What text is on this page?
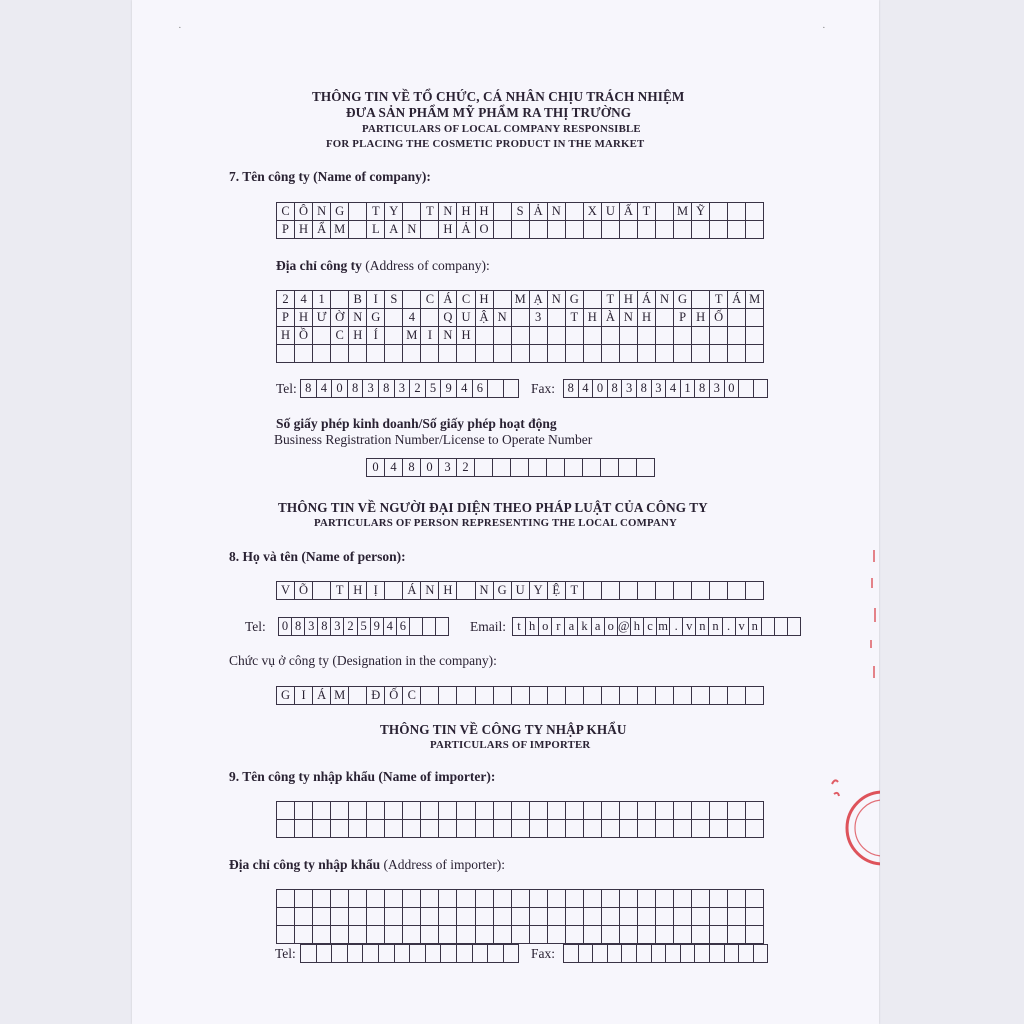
·	·
THÔNG TIN VỀ TỔ CHỨC, CÁ NHÂN CHỊU TRÁCH NHIỆM
ĐƯA SẢN PHẨM MỸ PHẨM RA THỊ TRƯỜNG
PARTICULARS OF LOCAL COMPANY RESPONSIBLE
FOR PLACING THE COSMETIC PRODUCT IN THE MARKET
7. Tên công ty (Name of company):
C Ô N G	T Y	T N H H	S Ả N	X U Ấ T	M Ỹ
P H Ẩ M	L A N	H Ả O
Địa chỉ công ty (Address of company):
2 4 1	B I S	C Á C H	M Ạ N G	T H Á N G	T Á M
P H Ư Ờ N G	4	Q U Ậ N	3	T H À N H	P H Ố
H Ồ	C H Í	M I N H
Tel: 8 4 0 8 3 8 3 2 5 9 4 6	Fax: 8 4 0 8 3 8 3 4 1 8 3 0
Số giấy phép kinh doanh/Số giấy phép hoạt động
Business Registration Number/License to Operate Number
0 4 8 0 3 2
THÔNG TIN VỀ NGƯỜI ĐẠI DIỆN THEO PHÁP LUẬT CỦA CÔNG TY
PARTICULARS OF PERSON REPRESENTING THE LOCAL COMPANY
8. Họ và tên (Name of person):
V Õ	T H Ị	Á N H	N G U Y Ệ T
Tel: 0 8 3 8 3 2 5 9 4 6	Email: t h o r a k a o @ h c m . v n n . v n
Chức vụ ở công ty (Designation in the company):
G I Á M	Đ Ố C
THÔNG TIN VỀ CÔNG TY NHẬP KHẨU
PARTICULARS OF IMPORTER
9. Tên công ty nhập khẩu (Name of importer):
Địa chỉ công ty nhập khẩu (Address of importer):
Tel:	Fax:
